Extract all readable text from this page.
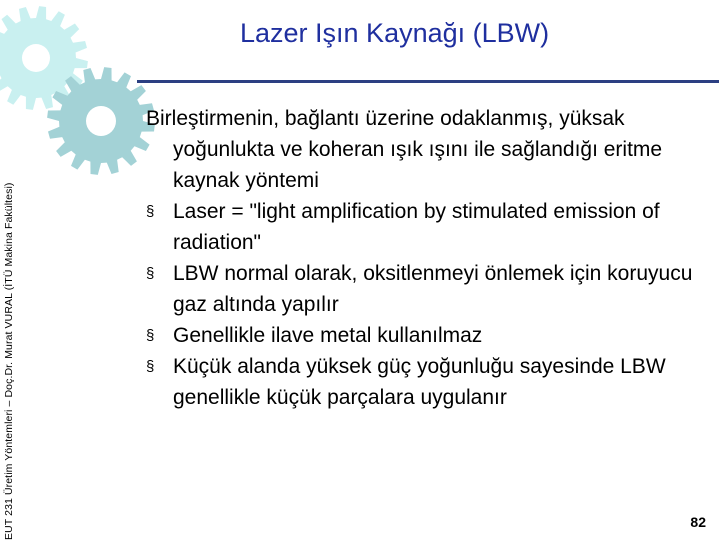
EUT 231 Üretim Yöntemleri – Doç.Dr. Murat VURAL (İTÜ Makina Fakültesi)
Lazer Işın Kaynağı (LBW)

Birleştirmenin, bağlantı üzerine odaklanmış, yüksak yoğunlukta ve koheran ışık ışını ile sağlandığı eritme kaynak yöntemi

§ Laser = "light amplification by stimulated emission of radiation"
§ LBW normal olarak, oksitlenmeyi önlemek için koruyucu gaz altında yapılır
§ Genellikle ilave metal kullanılmaz
§ Küçük alanda yüksek güç yoğunluğu sayesinde LBW genellikle küçük parçalara uygulanır
82
